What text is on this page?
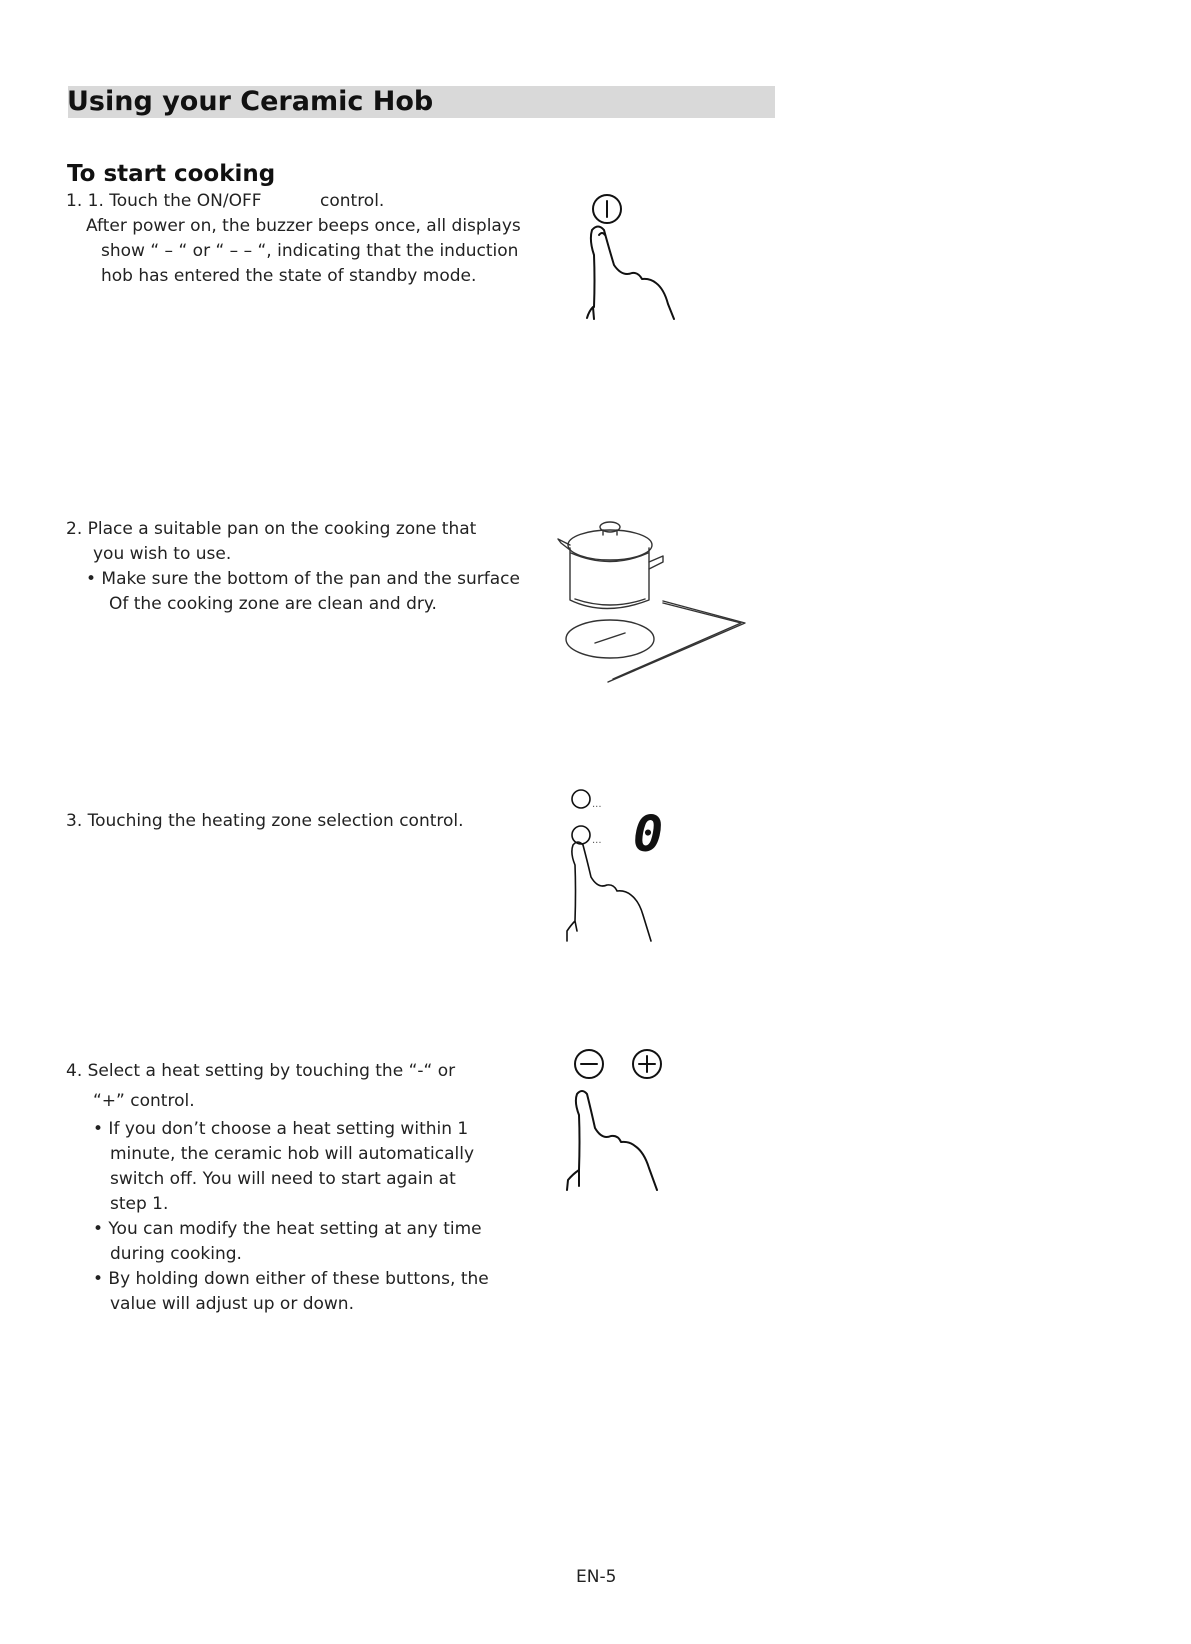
Using your Ceramic Hob
To start cooking
1. 1. Touch the ON/OFF	control.
After power on, the buzzer beeps once, all displays
show “ – “ or “ – – “, indicating that the induction
hob has entered the state of standby mode.
2. Place a suitable pan on the cooking zone that
you wish to use.
• Make sure the bottom of the pan and the surface
Of the cooking zone are clean and dry.
3. Touching the heating zone selection control.
...
... 0
4. Select a heat setting by touching the “-“ or
“+” control.
• If you don’t choose a heat setting within 1
minute, the ceramic hob will automatically
switch off. You will need to start again at
step 1.
• You can modify the heat setting at any time
during cooking.
• By holding down either of these buttons, the
value will adjust up or down.
EN-5
